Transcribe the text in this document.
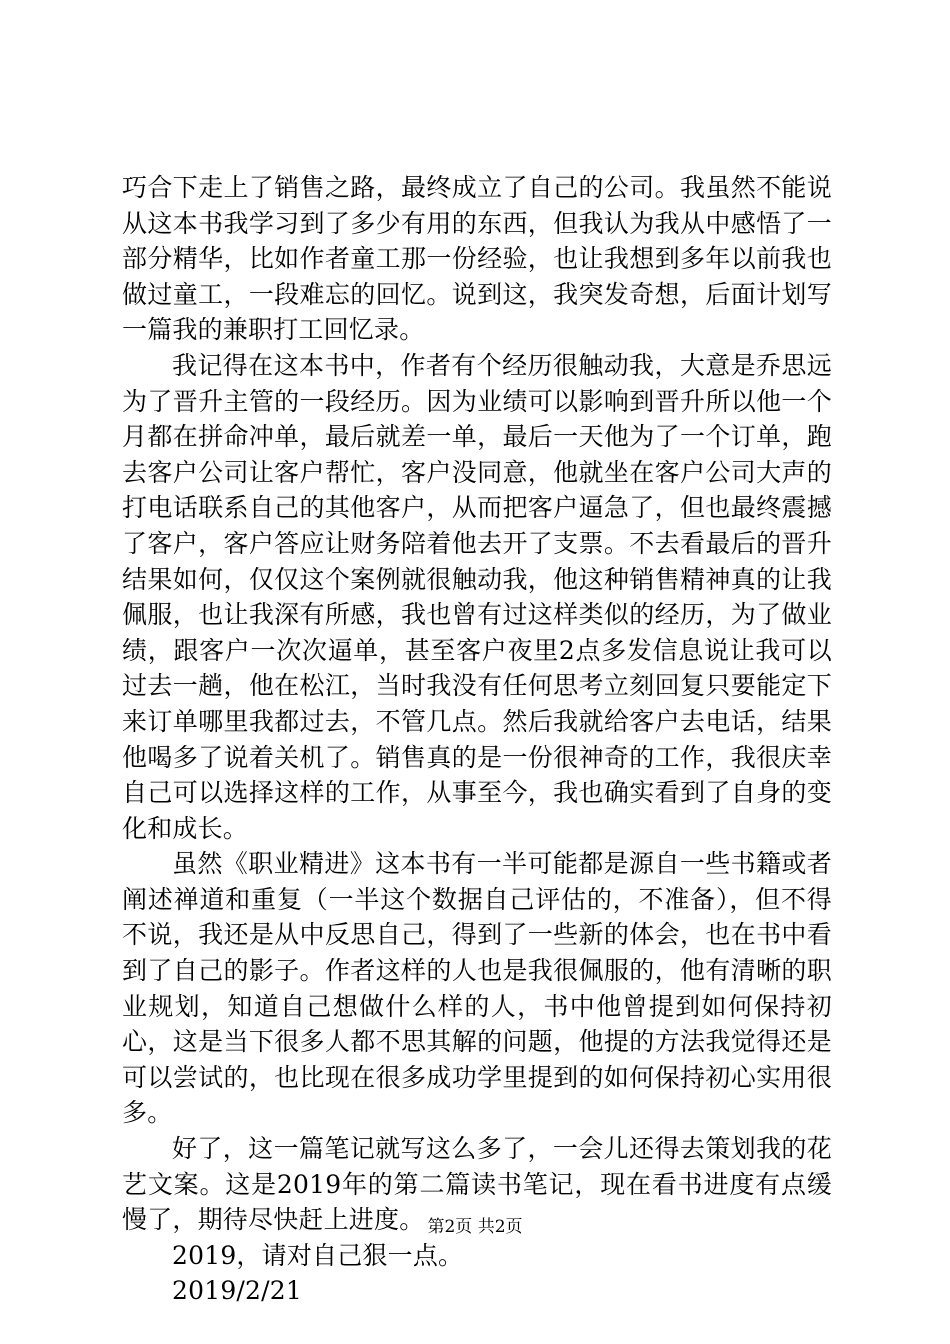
巧合下走上了销售之路，最终成立了自己的公司。我虽然不能说从这本书我学习到了多少有用的东西，但我认为我从中感悟了一部分精华，比如作者童工那一份经验，也让我想到多年以前我也做过童工，一段难忘的回忆。说到这，我突发奇想，后面计划写一篇我的兼职打工回忆录。

我记得在这本书中，作者有个经历很触动我，大意是乔思远为了晋升主管的一段经历。因为业绩可以影响到晋升所以他一个月都在拼命冲单，最后就差一单，最后一天他为了一个订单，跑去客户公司让客户帮忙，客户没同意，他就坐在客户公司大声的打电话联系自己的其他客户，从而把客户逼急了，但也最终震撼了客户，客户答应让财务陪着他去开了支票。不去看最后的晋升结果如何，仅仅这个案例就很触动我，他这种销售精神真的让我佩服，也让我深有所感，我也曾有过这样类似的经历，为了做业绩，跟客户一次次逼单，甚至客户夜里2点多发信息说让我可以过去一趟，他在松江，当时我没有任何思考立刻回复只要能定下来订单哪里我都过去，不管几点。然后我就给客户去电话，结果他喝多了说着关机了。销售真的是一份很神奇的工作，我很庆幸自己可以选择这样的工作，从事至今，我也确实看到了自身的变化和成长。

虽然《职业精进》这本书有一半可能都是源自一些书籍或者阐述禅道和重复（一半这个数据自己评估的，不准备），但不得不说，我还是从中反思自己，得到了一些新的体会，也在书中看到了自己的影子。作者这样的人也是我很佩服的，他有清晰的职业规划，知道自己想做什么样的人，书中他曾提到如何保持初心，这是当下很多人都不思其解的问题，他提的方法我觉得还是可以尝试的，也比现在很多成功学里提到的如何保持初心实用很多。

好了，这一篇笔记就写这么多了，一会儿还得去策划我的花艺文案。这是2019年的第二篇读书笔记，现在看书进度有点缓慢了，期待尽快赶上进度。

2019，请对自己狠一点。

2019/2/21

第2页 共2页
